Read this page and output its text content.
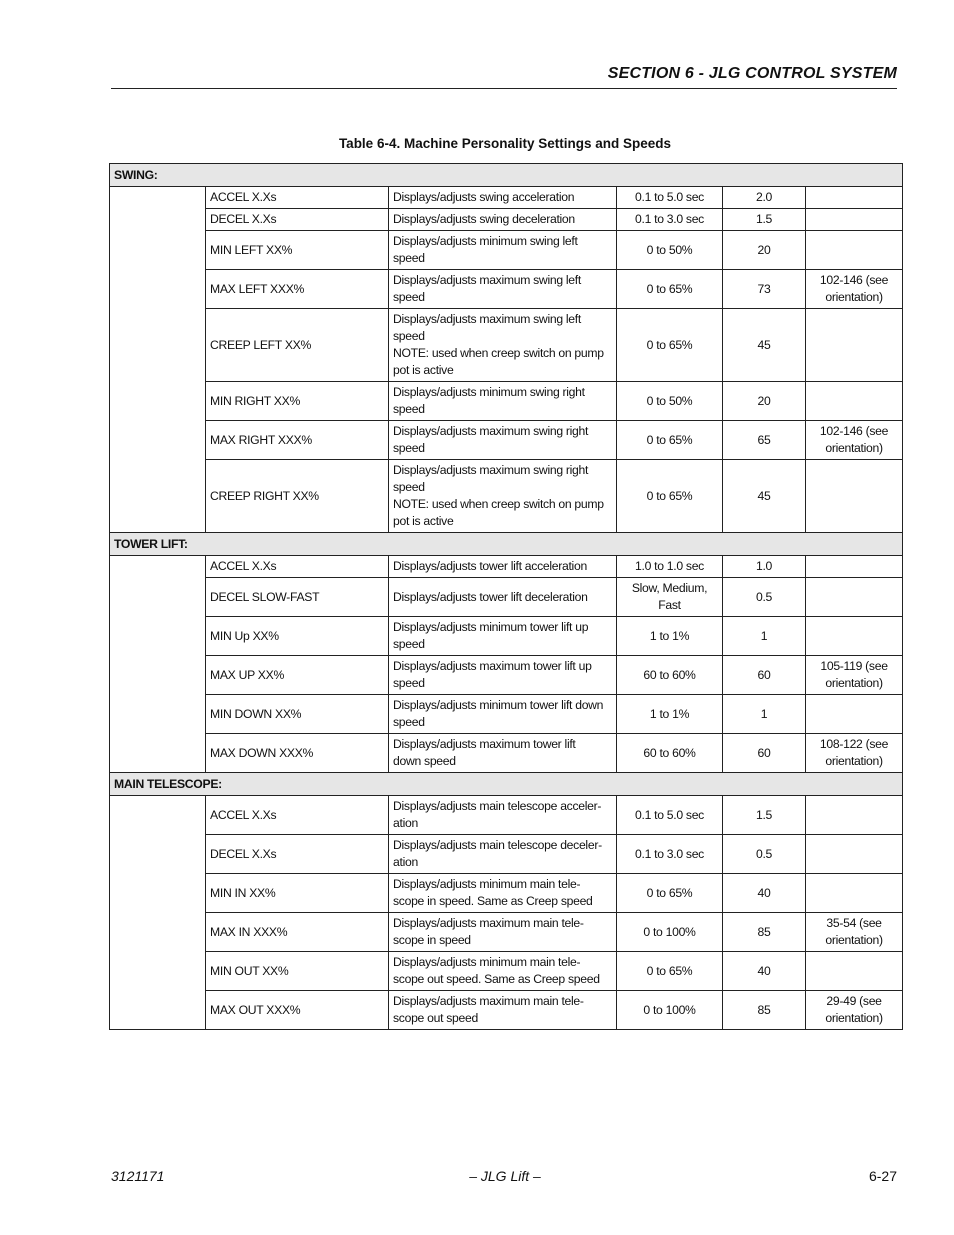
SECTION 6 - JLG CONTROL SYSTEM
Table 6-4. Machine Personality Settings and Speeds
SWING:					
	ACCEL X.Xs	Displays/adjusts swing acceleration	0.1 to 5.0 sec	2.0	
	DECEL X.Xs	Displays/adjusts swing deceleration	0.1 to 3.0 sec	1.5	
	MIN LEFT XX%	Displays/adjusts minimum swing left
speed	0 to 50%	20	
	MAX LEFT XXX%	Displays/adjusts maximum swing left
speed	0 to 65%	73	102-146 (see
orientation)

	CREEP LEFT XX%	Displays/adjusts maximum swing left
speed
NOTE: used when creep switch on pump
pot is active	0 to 65%	45	
	MIN RIGHT XX%	Displays/adjusts minimum swing right
speed	0 to 50%	20	
	MAX RIGHT XXX%	Displays/adjusts maximum swing right
speed	0 to 65%	65	102-146 (see
orientation)

	CREEP RIGHT XX%	Displays/adjusts maximum swing right
speed
NOTE: used when creep switch on pump
pot is active	0 to 65%	45	
TOWER LIFT:					
	ACCEL X.Xs	Displays/adjusts tower lift acceleration	1.0 to 1.0 sec	1.0	
	DECEL SLOW-FAST	Displays/adjusts tower lift deceleration	Slow, Medium,
Fast	0.5	
	MIN Up XX%	Displays/adjusts minimum tower lift up
speed	1 to 1%	1	
	MAX UP XX%	Displays/adjusts maximum tower lift up
speed	60 to 60%	60	105-119 (see
orientation)

	MIN DOWN XX%	Displays/adjusts minimum tower lift down
speed	1 to 1%	1	
	MAX DOWN XXX%	Displays/adjusts maximum tower lift
down speed	60 to 60%	60	108-122 (see
orientation)

MAIN TELESCOPE:					
	ACCEL X.Xs	Displays/adjusts main telescope acceler-
ation	0.1 to 5.0 sec	1.5	
	DECEL X.Xs	Displays/adjusts main telescope deceler-
ation	0.1 to 3.0 sec	0.5	
	MIN IN XX%	Displays/adjusts minimum main tele-
scope in speed. Same as Creep speed	0 to 65%	40	
	MAX IN XXX%	Displays/adjusts maximum main tele-
scope in speed	0 to 100%	85	35-54 (see
orientation)

	MIN OUT XX%	Displays/adjusts minimum main tele-
scope out speed. Same as Creep speed	0 to 65%	40	
	MAX OUT XXX%	Displays/adjusts maximum main tele-
scope out speed	0 to 100%	85	29-49 (see
orientation)
3121171	– JLG Lift –	6-27
